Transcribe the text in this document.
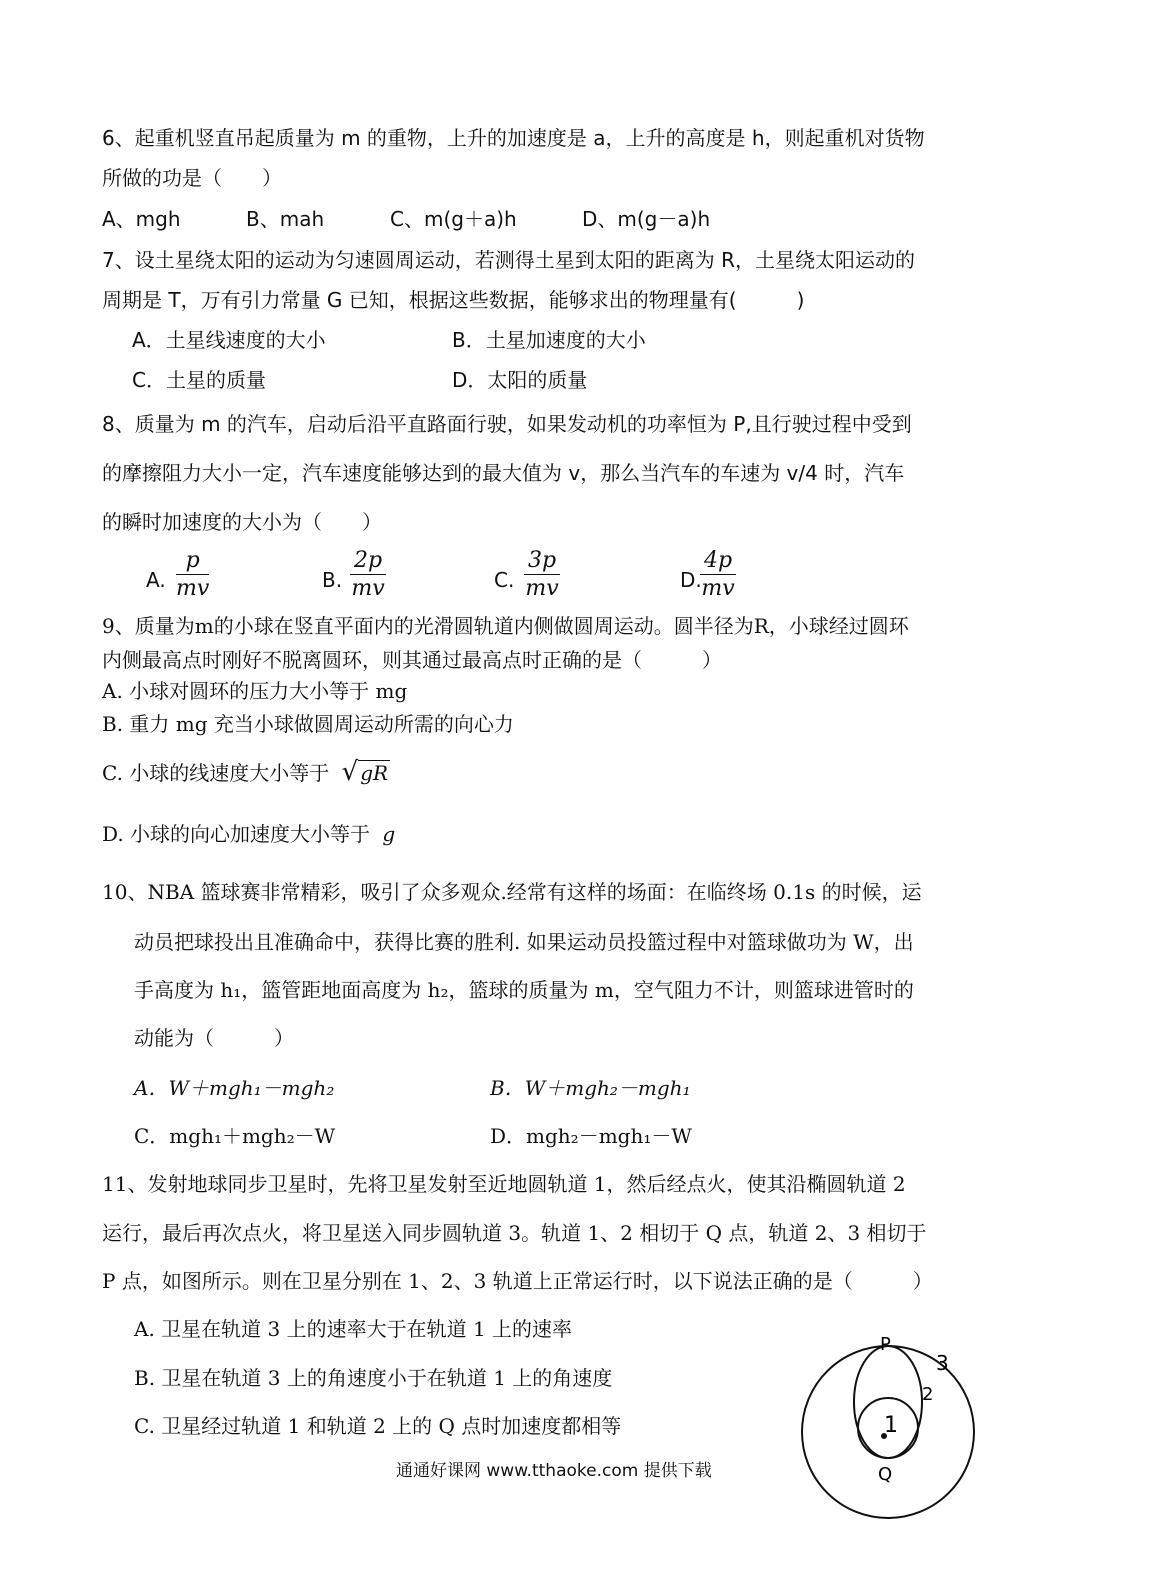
6、起重机竖直吊起质量为 m 的重物，上升的加速度是 a，上升的高度是 h，则起重机对货物
所做的功是（　　）
A、mgh	B、mah	C、m(g＋a)h	D、m(g－a)h
7、设土星绕太阳的运动为匀速圆周运动，若测得土星到太阳的距离为 R，土星绕太阳运动的
周期是 T，万有引力常量 G 已知，根据这些数据，能够求出的物理量有(　　　)
A．土星线速度的大小	B．土星加速度的大小
C．土星的质量	D．太阳的质量
8、质量为 m 的汽车，启动后沿平直路面行驶，如果发动机的功率恒为 P,且行驶过程中受到
的摩擦阻力大小一定，汽车速度能够达到的最大值为 v，那么当汽车的车速为 v/4 时，汽车
的瞬时加速度的大小为（　　）
A. $\frac{p}{mv}$	B. $\frac{2p}{mv}$	C. $\frac{3p}{mv}$	D.
$\frac{4p}{mv}$
9、质量为m的小球在竖直平面内的光滑圆轨道内侧做圆周运动。圆半径为R，小球经过圆环
内侧最高点时刚好不脱离圆环，则其通过最高点时正确的是（　　　）
A. 小球对圆环的压力大小等于 mg
B. 重力 mg 充当小球做圆周运动所需的向心力
C. 小球的线速度大小等于 √ gR
D. 小球的向心加速度大小等于 g
10、NBA 篮球赛非常精彩，吸引了众多观众.经常有这样的场面：在临终场 0.1s 的时候，运
动员把球投出且准确命中，获得比赛的胜利. 如果运动员投篮过程中对篮球做功为 W，出
手高度为 h₁，篮管距地面高度为 h₂，篮球的质量为 m，空气阻力不计，则篮球进管时的
动能为（　　　）
A．W＋mgh₁－mgh₂	B．W＋mgh₂－mgh₁
C．mgh₁＋mgh₂－W	D．mgh₂－mgh₁－W
11、发射地球同步卫星时，先将卫星发射至近地圆轨道 1，然后经点火，使其沿椭圆轨道 2
运行，最后再次点火，将卫星送入同步圆轨道 3。轨道 1、2 相切于 Q 点，轨道 2、3 相切于
P 点，如图所示。则在卫星分别在 1、2、3 轨道上正常运行时，以下说法正确的是（　　　）
A. 卫星在轨道 3 上的速率大于在轨道 1 上的速率
B. 卫星在轨道 3 上的角速度小于在轨道 1 上的角速度
C. 卫星经过轨道 1 和轨道 2 上的 Q 点时加速度都相等	1
2
3
P
Q
通通好课网 www.tthaoke.com 提供下载
